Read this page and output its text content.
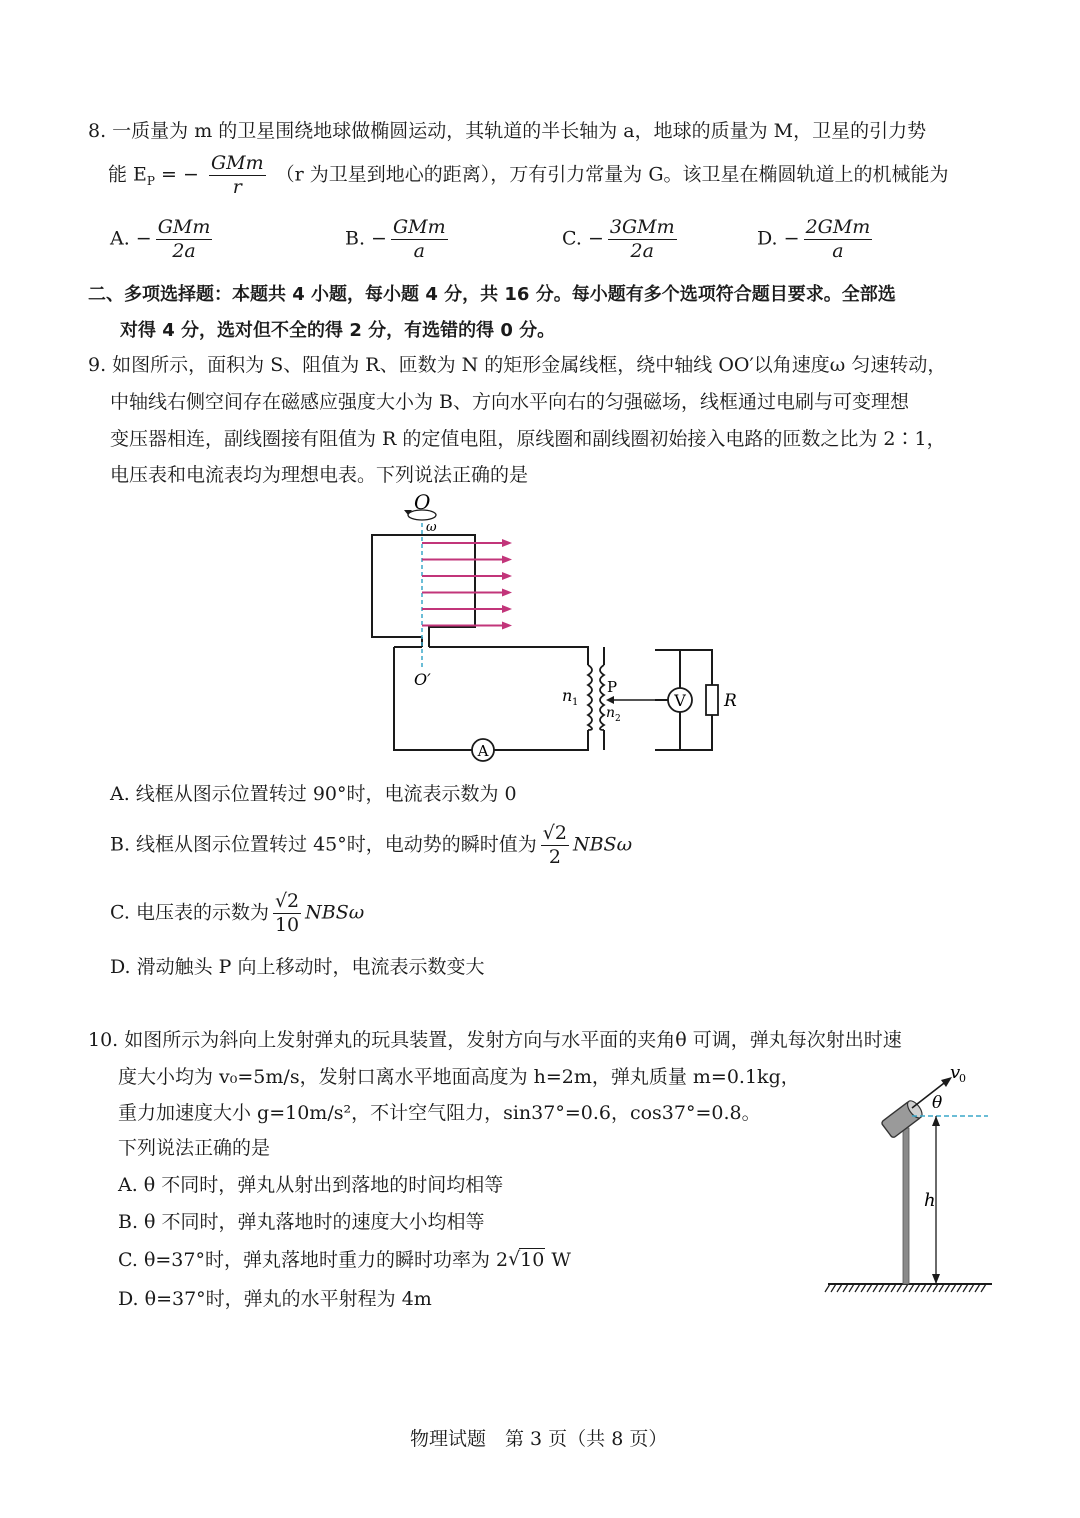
8. 一质量为 m 的卫星围绕地球做椭圆运动，其轨道的半长轴为 a，地球的质量为 M，卫星的引力势
能 $E_P$ = − $\frac{\text{GMm}}{r} (r$ 为卫星到地心的距离），万有引力常量为 G。该卫星在椭圆轨道上的机械能为
A. − $\frac{\text{GMm}}{2a}$	B. − $\frac{\text{GMm}}{a}$	C. − $\frac{\text{3GMm}}{2a}$	D. − $\frac{\text{2GMm}}{a}$
二、多项选择题：本题共 4 小题，每小题 4 分，共 16 分。每小题有多个选项符合题目要求。全部选
对得 4 分，选对但不全的得 2 分，有选错的得 0 分。
9. 如图所示，面积为 S、阻值为 R、匝数为 N 的矩形金属线框，绕中轴线 OO′以角速度ω 匀速转动，
中轴线右侧空间存在磁感应强度大小为 B、方向水平向右的匀强磁场，线框通过电刷与可变理想
变压器相连，副线圈接有阻值为 R 的定值电阻，原线圈和副线圈初始接入电路的匝数之比为 2∶1，
电压表和电流表均为理想电表。下列说法正确的是
V
A
O
ω
O′
n 1
n 2
P
R
A. 线框从图示位置转过 90°时，电流表示数为 0
B. 线框从图示位置转过 45°时，电动势的瞬时值为 $\frac{√2}{2}$ NBSω
C. 电压表的示数为 $\frac{√2}{10}$ NBSω
D. 滑动触头 P 向上移动时，电流表示数变大
10. 如图所示为斜向上发射弹丸的玩具装置，发射方向与水平面的夹角θ 可调，弹丸每次射出时速
度大小均为 v₀=5m/s，发射口离水平地面高度为 h=2m，弹丸质量 m=0.1kg，
重力加速度大小 g=10m/s²，不计空气阻力，sin37°=0.6，cos37°=0.8。
下列说法正确的是
A. θ 不同时，弹丸从射出到落地的时间均相等
B. θ 不同时，弹丸落地时的速度大小均相等
C. θ=37°时，弹丸落地时重力的瞬时功率为 2√ 10 W
D. θ=37°时，弹丸的水平射程为 4m
v
0
θ
h
物理试题　第 3 页（共 8 页）
